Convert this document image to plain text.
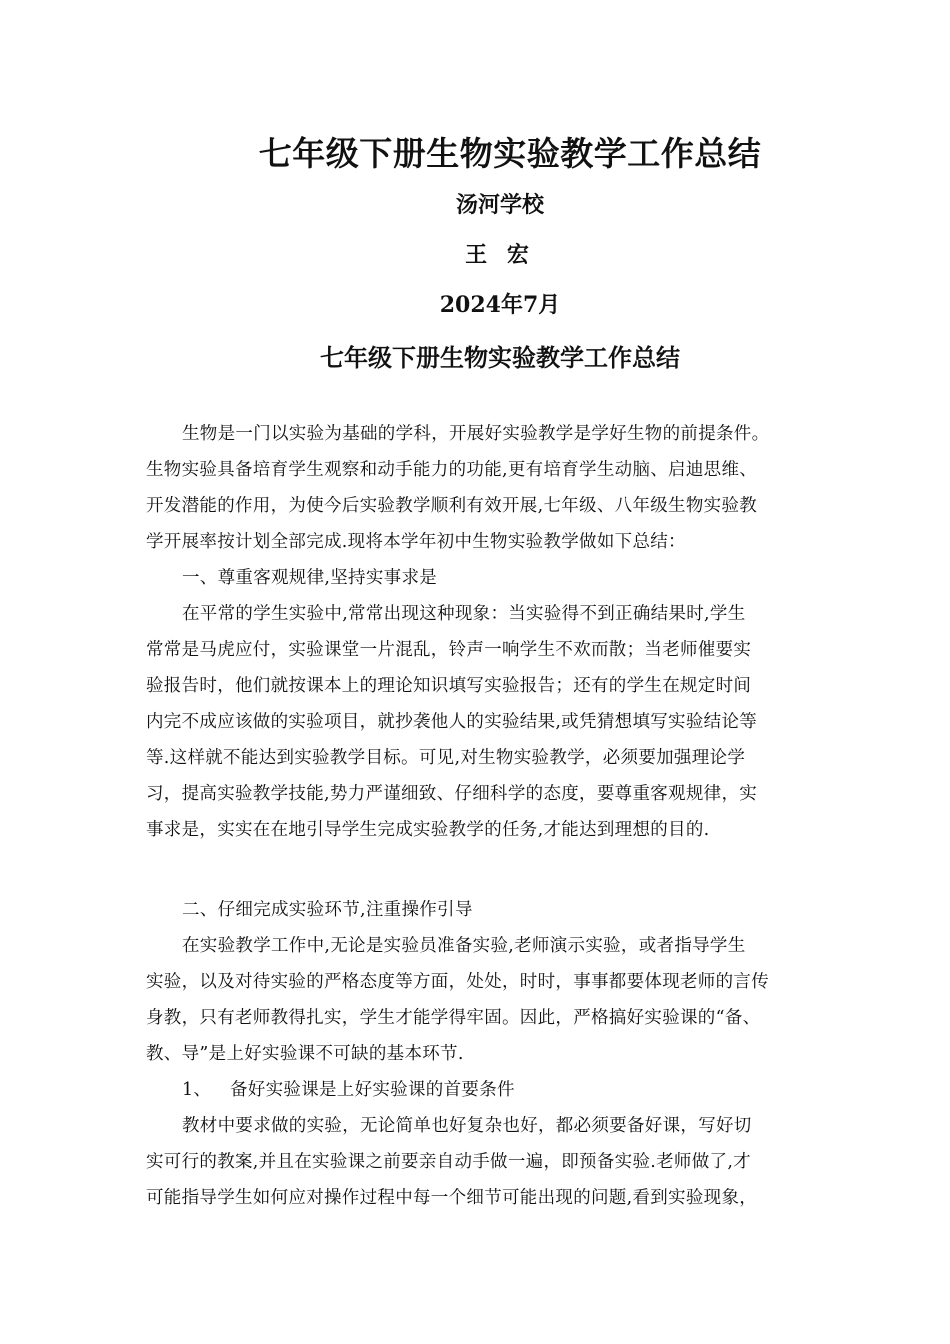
七年级下册生物实验教学工作总结
汤河学校
王 宏
2024年7月
七年级下册生物实验教学工作总结
生物是一门以实验为基础的学科，开展好实验教学是学好生物的前提条件。
生物实验具备培育学生观察和动手能力的功能,更有培育学生动脑、启迪思维、
开发潜能的作用，为使今后实验教学顺利有效开展,七年级、八年级生物实验教
学开展率按计划全部完成.现将本学年初中生物实验教学做如下总结：
一、尊重客观规律,坚持实事求是
在平常的学生实验中,常常出现这种现象：当实验得不到正确结果时,学生
常常是马虎应付，实验课堂一片混乱，铃声一响学生不欢而散；当老师催要实
验报告时，他们就按课本上的理论知识填写实验报告；还有的学生在规定时间
内完不成应该做的实验项目，就抄袭他人的实验结果,或凭猜想填写实验结论等
等.这样就不能达到实验教学目标。可见,对生物实验教学，必须要加强理论学
习，提高实验教学技能,势力严谨细致、仔细科学的态度，要尊重客观规律，实
事求是，实实在在地引导学生完成实验教学的任务,才能达到理想的目的.
二、仔细完成实验环节,注重操作引导
在实验教学工作中,无论是实验员准备实验,老师演示实验，或者指导学生
实验，以及对待实验的严格态度等方面，处处，时时，事事都要体现老师的言传
身教，只有老师教得扎实，学生才能学得牢固。因此，严格搞好实验课的“备、
教、导”是上好实验课不可缺的基本环节.
1、 备好实验课是上好实验课的首要条件
教材中要求做的实验，无论简单也好复杂也好，都必须要备好课，写好切
实可行的教案,并且在实验课之前要亲自动手做一遍，即预备实验.老师做了,才
可能指导学生如何应对操作过程中每一个细节可能出现的问题,看到实验现象，
